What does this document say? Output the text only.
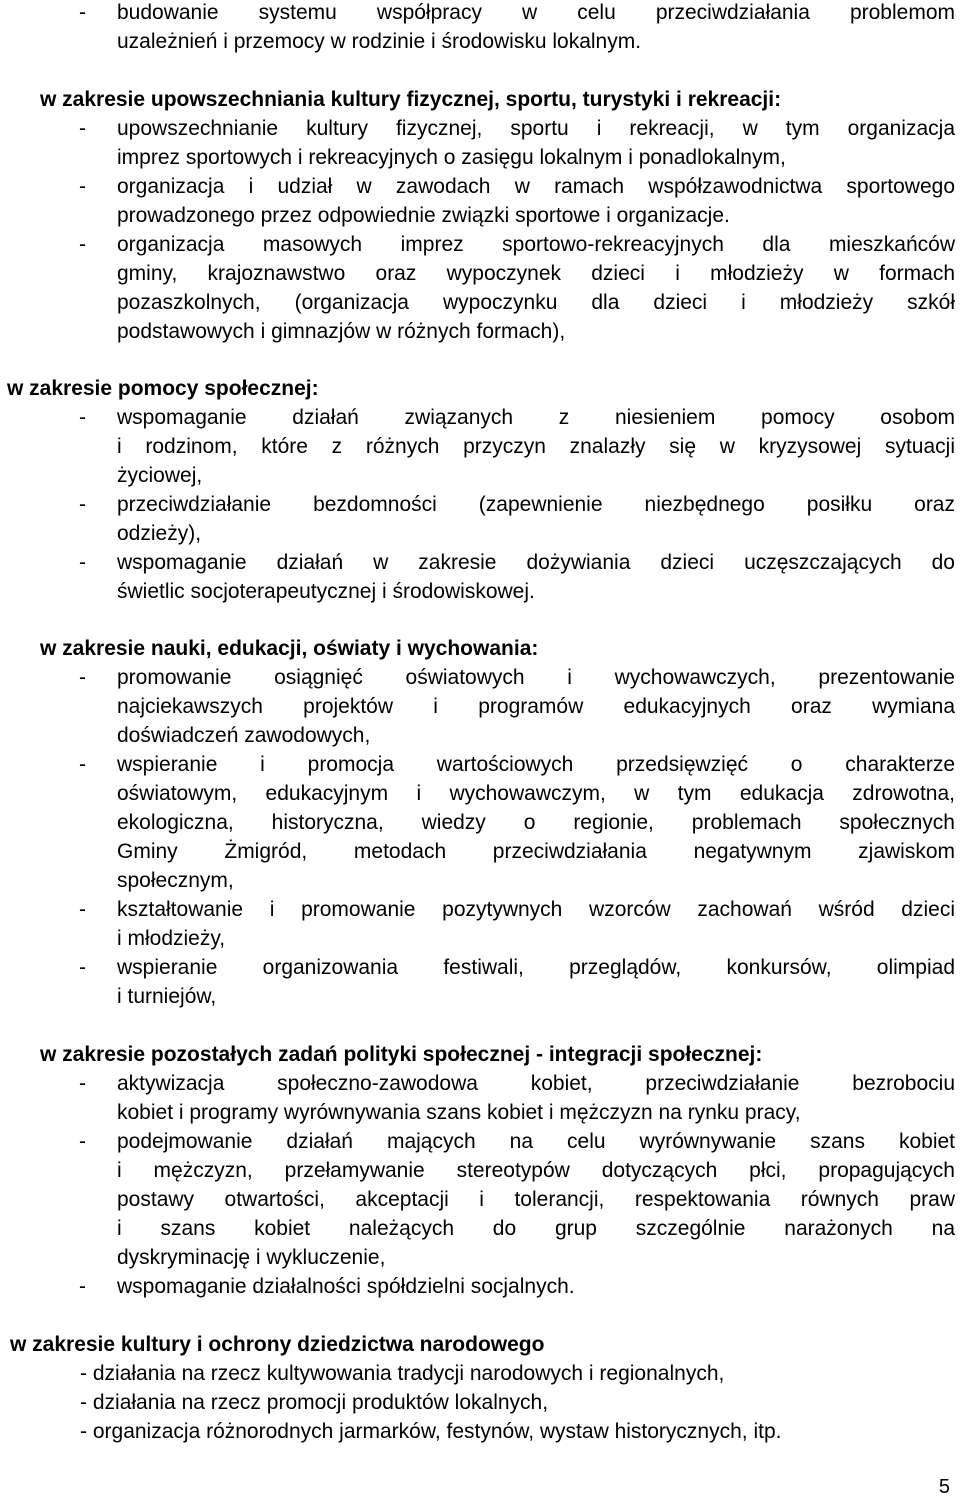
- budowanie systemu współpracy w celu przeciwdziałania problemom
uzależnień i przemocy w rodzinie i środowisku lokalnym.
w zakresie upowszechniania kultury fizycznej, sportu, turystyki i rekreacji:
- upowszechnianie kultury fizycznej, sportu i rekreacji, w tym organizacja
imprez sportowych i rekreacyjnych o zasięgu lokalnym i ponadlokalnym,
- organizacja i udział w zawodach w ramach współzawodnictwa sportowego
prowadzonego przez odpowiednie związki sportowe i organizacje.
- organizacja masowych imprez sportowo-rekreacyjnych dla mieszkańców
gminy, krajoznawstwo oraz wypoczynek dzieci i młodzieży w formach
pozaszkolnych, (organizacja wypoczynku dla dzieci i młodzieży szkół
podstawowych i gimnazjów w różnych formach),
w zakresie pomocy społecznej:
- wspomaganie działań związanych z niesieniem pomocy osobom
i rodzinom, które z różnych przyczyn znalazły się w kryzysowej sytuacji
życiowej,
- przeciwdziałanie bezdomności (zapewnienie niezbędnego posiłku oraz
odzieży),
- wspomaganie działań w zakresie dożywiania dzieci uczęszczających do
świetlic socjoterapeutycznej i środowiskowej.
w zakresie nauki, edukacji, oświaty i wychowania:
- promowanie osiągnięć oświatowych i wychowawczych, prezentowanie
najciekawszych projektów i programów edukacyjnych oraz wymiana
doświadczeń zawodowych,
- wspieranie i promocja wartościowych przedsięwzięć o charakterze
oświatowym, edukacyjnym i wychowawczym, w tym edukacja zdrowotna,
ekologiczna, historyczna, wiedzy o regionie, problemach społecznych
Gminy Żmigród, metodach przeciwdziałania negatywnym zjawiskom
społecznym,
- kształtowanie i promowanie pozytywnych wzorców zachowań wśród dzieci
i młodzieży,
- wspieranie organizowania festiwali, przeglądów, konkursów, olimpiad
i turniejów,
w zakresie pozostałych zadań polityki społecznej - integracji społecznej:
- aktywizacja społeczno-zawodowa kobiet, przeciwdziałanie bezrobociu
kobiet i programy wyrównywania szans kobiet i mężczyzn na rynku pracy,
- podejmowanie działań mających na celu wyrównywanie szans kobiet
i mężczyzn, przełamywanie stereotypów dotyczących płci, propagujących
postawy otwartości, akceptacji i tolerancji, respektowania równych praw
i szans kobiet należących do grup szczególnie narażonych na
dyskryminację i wykluczenie,
- wspomaganie działalności spółdzielni socjalnych.
w zakresie kultury i ochrony dziedzictwa narodowego
- działania na rzecz kultywowania tradycji narodowych i regionalnych,
- działania na rzecz promocji produktów lokalnych,
- organizacja różnorodnych jarmarków, festynów, wystaw historycznych, itp.
5
